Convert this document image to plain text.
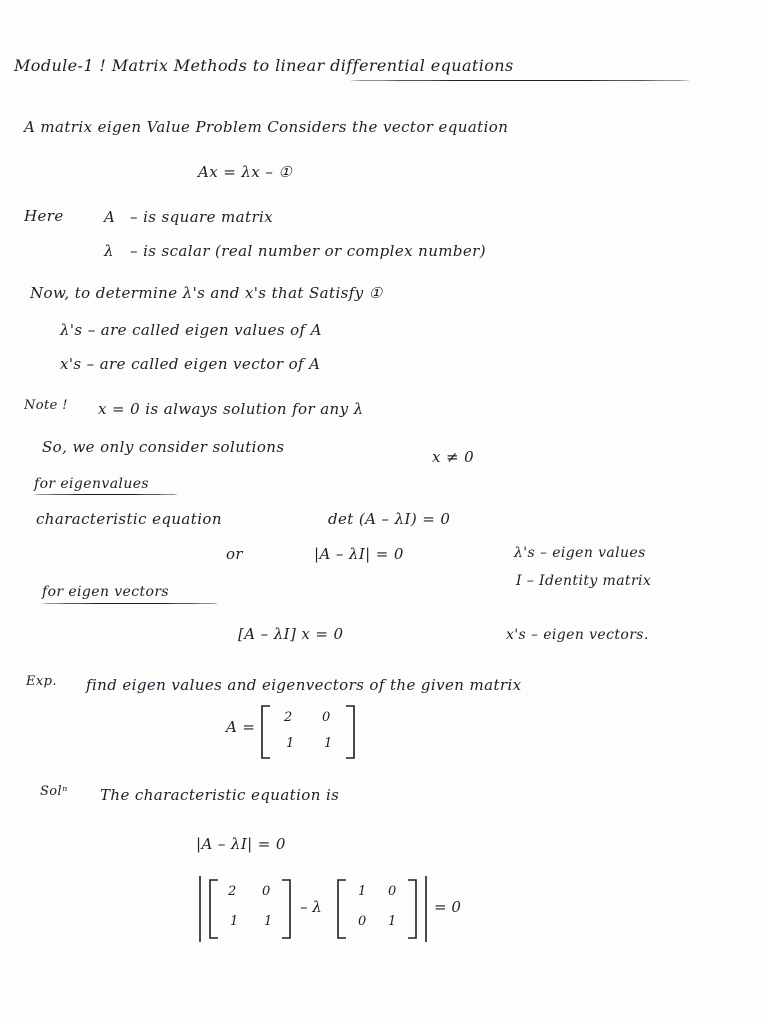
Module-1 ! Matrix Methods to linear differential equations
A matrix eigen Value Problem Considers the vector equation
Ax = λx – ①
Here	A – is square matrix
λ – is scalar (real number or complex number)
Now, to determine λ's and x's that Satisfy ①
λ's – are called eigen values of A
x's – are called eigen vector of A
Note ! x = 0 is always solution for any λ
So, we only consider solutions
x ≠ 0
for eigenvalues
characteristic equation	det (A – λI) = 0
or	|A – λI| = 0	λ's – eigen values
I – Identity matrix
for eigen vectors
[A – λI] x = 0	x's – eigen vectors.
Exp. find eigen values and eigenvectors of the given matrix
A =
2 0
1 1
Solⁿ The characteristic equation is
|A – λI| = 0
2 0
1 1
– λ
1 0
0 1
= 0
